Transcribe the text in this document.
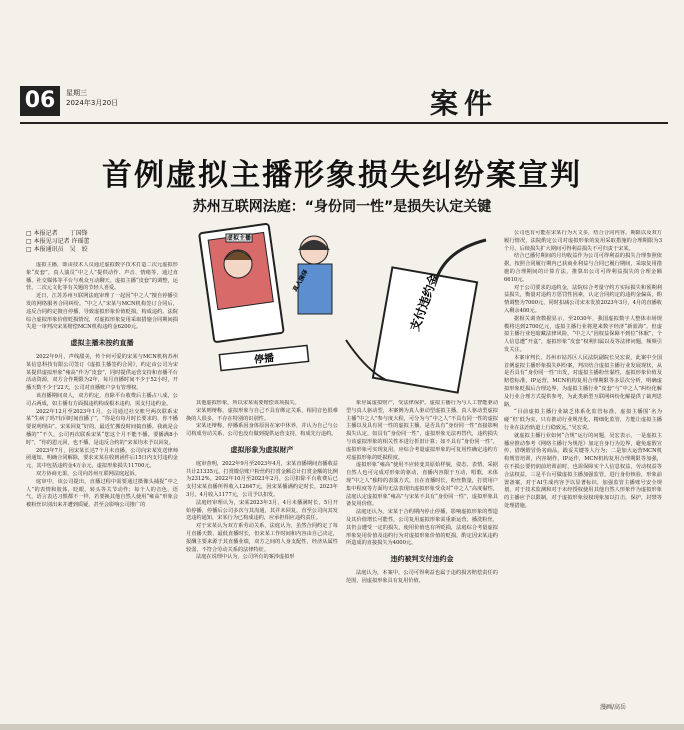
06	星期三
2024年3月20日	案件
首例虚拟主播形象损失纠纷案宣判
苏州互联网法庭：“身份同一性”是损失认定关键
□ 本报记者　　丁国锋
□ 本报见习记者 许瑶蕾
□ 本报通讯员　吴　姣
虚拟主播
真人演绎
停播
支付违约金

虚拟主播，即由技术人员通过虚拟数字技术打造二次元虚拟形象“皮套”，真人演员“中之人”提供动作、声音、情绪等，通过直播、社交媒体等平台与观众互动聊天。虚拟主播“皮套”的调整，运营，二次元文化等有关题的节轻人喜爱。

近日，江苏苏州互联网法庭审理了一起因“中之人”擅自停播引发的网络服务合同纠纷。“中之人”宋某与MCN机构签订合同后，违反合同约定擅自停播，导致虚拟形象价值贬损，构成违约。法院综合虚拟形象价值贬损情况，对虚拟形象复用采取措施合同期间损失进一审判决宋某赔偿MCN机构违约金6200元。

虚拟主播未按约直播

2022年9月，声线甜美，传个何可爱的宋某与MCN机构苏州某信息科技有限公司签订《虚拟主播签约合同》，约定由公司为宋某提供虚拟形象“雍高”作为“皮套”，同时提供运营支持和直播平台活动资源，双方合作期限为2年，每月直播时间不少于52小时，开播天数不少于22天，公司对直播账户享有管理权。

该直播期间双人，双方约定，直除平台收费后主播占八成，公司占两成，如主播有方面损违约构成根本违约，需支付违约金。

2022年12月至2023年1月，公司通过社交账号两次联系宋某“生病了吗?有回时间直播了”，“你是有每月时长要求的，你不播要说明理由”。宋某回复“好的，最近忙搬没时间搞直播。我就是会播的”“不久，公司再次联系宋某“您这个月不能不播，要播满8小时”，“你的恩元回，也不播，是违反合约的”宋某均未予以回复。

2023年7月，因宋某长达7个月未直播，公司向宋某发送律师函通知，明确合同解除，要求宋某在收到函件后15日内支付违约金元，其中包括违约金4万余元，虚拟形象损失11700元。

双方协商无果，公司向苏州互联网法庭起诉。

庭审中，该公司提出，直播过程中需要通过摄像头捕捉“中之人”的表情和肢体，眨眼，转头等关节动作；每个人的音色，语气，语言表达习惯都不一样，若要换其他自然人使用“雍高”形象会被粉丝识别出来并遭到质疑，甚至会影响公司推广的

其他虚拟形象，所以宋某需要赔偿该项损失。

宋某则辩称，虚拟形象与自己不具有绑定关系，相同音色很难换的人很多，不存在特别的识别性。

宋某还辩称，停播系因身体原因在家中休养，并认为自己与公司构成劳动关系，公司也没有做到提供运营支持，构成先行违约。

虚拟形象为虚拟财产

庭审查明，2022年9月至2023年4月，宋某直播期间直播收益共计21335元，打赏微信账户粉丝约打赏金额总计打赏金额的比例为2312%。2022年10月至2023年2月，公司扣除平台收费后已支付宋某直播所得收入12647元，因宋某播满约定时长，2023年3月，4月收入1177元，公司予以扣发。

法庭经审理认为，宋某2023年3月，4月未播满时长，5月开始停播，停播后公司多次与其沟通，其并未回复，直至公司向其发送违约通知，宋某行为已构成违约，应承担相应违约责任。

对于宋某认为双方系劳动关系，法庭认为，虽然合同约定了每月直播天数、最低直播时长，但宋某工作时间和内容由自己决定，报酬主要来源于其直播业绩，双方之间的人身支配性，经济从属性较弱，不符合劳动关系的法律特征。

法庭在说理中认为，公司所有的案涉虚拟形

象应属虚拟财产，受法律保护。虚拟主播行为与人工智能驱动型与真人驱动型，本案例为真人驱动型虚拟主播，真人驱动型虚拟主播“中之人”参与度大程，可分为与“中之人”不具有同一性的虚拟主播以及具有同一性的虚拟主播，是否具有“身份同一性”直接影响损失认定。如具有“身份同一性”，虚拟形象无法再替代，违约损失与该虚拟形象的相关性本进行折旧计算；如不具有“身份同一性”，虚拟形象可实现复用，应综合考量虚拟形象的可复用性确定违约方对虚拟形象的贬损程度。

虚拟形象“雍高”使用不应转变其原始样貌，姿态，表情，采据自然人也可完成对形象的驱动，直播内容限于互动，唱歌，未体现“中之人”独特的表演方式，且在直播时长，粉丝数量，打赏用户集中程度等方面均无法表现出虚拟形象受众对“中之人”高度黏性，法庭认定虚拟形象“雍高”与宋某不具有“身份同一性”，虚拟形象具备复用价值。

法庭还认为，宋某于合约期内停止停播，影响虚拟形象的塑造及其价值增长可能性，公司复用虚拟形象需重新运营，播洗粉丝，其仍会遭受一定的损失，使用价值也有所贬损，法庭综合考量虚拟形象复用价值及违约行为对虚拟形象价值的贬损，酌定因宋某违约所造成的直接损失为4000元。

违约被判支付违约金

法庭认为，本案中，公司可得利益也属于违约损害赔偿责任的范围，因虚拟形象具有复用价值，

公司也有可能在宋某行为大文多，结合合同内容，期限以及双方履行情况，法院酌定公司对虚拟形象的复用采取措施的合理期限为3个月，后续损失扩大期间可得利益损失不可归责于宋某。

结合已播付期间的月均收益作为公司可得利益的损失合理参照依据，按照合同履行期内已获商业利益与合同已履行期间，采取复用措施的合理期间的计算方法，推算出公司可得利益损失的合理金额6610元。

对于公司要求的违约金，法院综合考量守约方实际损失和预期利益损失，衡量对违约方惩罚性因素，认定合同约定的违约金偏高，酌情调整为7000元，同时扣减公司宋未发放2023年3月，4月的直播收入剩余400元。

据相关调查数据显示，至2030年，我国虚拟数字人整体市场规模将达到2700亿元，虚拟主播行业将迎来数字经济“新蓝海”。但虚拟主播行业也暗藏法律风险，“中之人”因权益保障不到位“休眠”，个人信息遭“开盒”，虚拟形象“皮套”权利归属以及等法律问题，频频引发关注。

本案审判长、苏州市姑苏区人民法院副院长吴宏说，此案中全国首例虚拟主播形象损失纠纷案，判决结合虚拟主播行业发展现状，从是否具有“身份同一性”出发，对虚拟主播粉丝黏性，虚拟形象价值及赔偿标准，IP运营，MCN机构复用合理期限等多层次分析，明确虚拟形象贬损后合理边界，为虚拟主播行业“皮套”与“中之人”纠纷化解及行业合理方式提供参考，为此类新型互联网纠纷化解提供了裁判思路。

“目前虚拟主播行业缺乏体系化监管标准，虚拟主播围‘名为碰’‘但’低为实，只有推动行业规范化，精细化监管，方能让虚拟主播行业在法治轨道上行稳致远。”吴宏说。

就虚拟主播行业如何“合规”运行的问题，吴宏表示，一是虚拟主播应推动参考《网络主播行为规范》加定自身行为边界，避免虚假宣传，借纲假冒伪劣商品，践妥关键等人行为；二是加大运营MCN机构规管培训，内容制作，IP运作，MCN机构复用合理期限等加强，在不损公要仍润前培训前时，也需保障实个人信息权益，劳动权益等合法权益，三是平台可做虚拟主播加强监管，进行身份核验，形象前置备案，对于AI生成内容予以显著标识，加强监管主播账号安全规划，对于技术监测和对于未经授权使用其他自然人形象作为虚拟形象的主播应予以限制，对于虚拟形象侵权现象加以打击，保护，封禁等处理措施。

漫画/高岳
